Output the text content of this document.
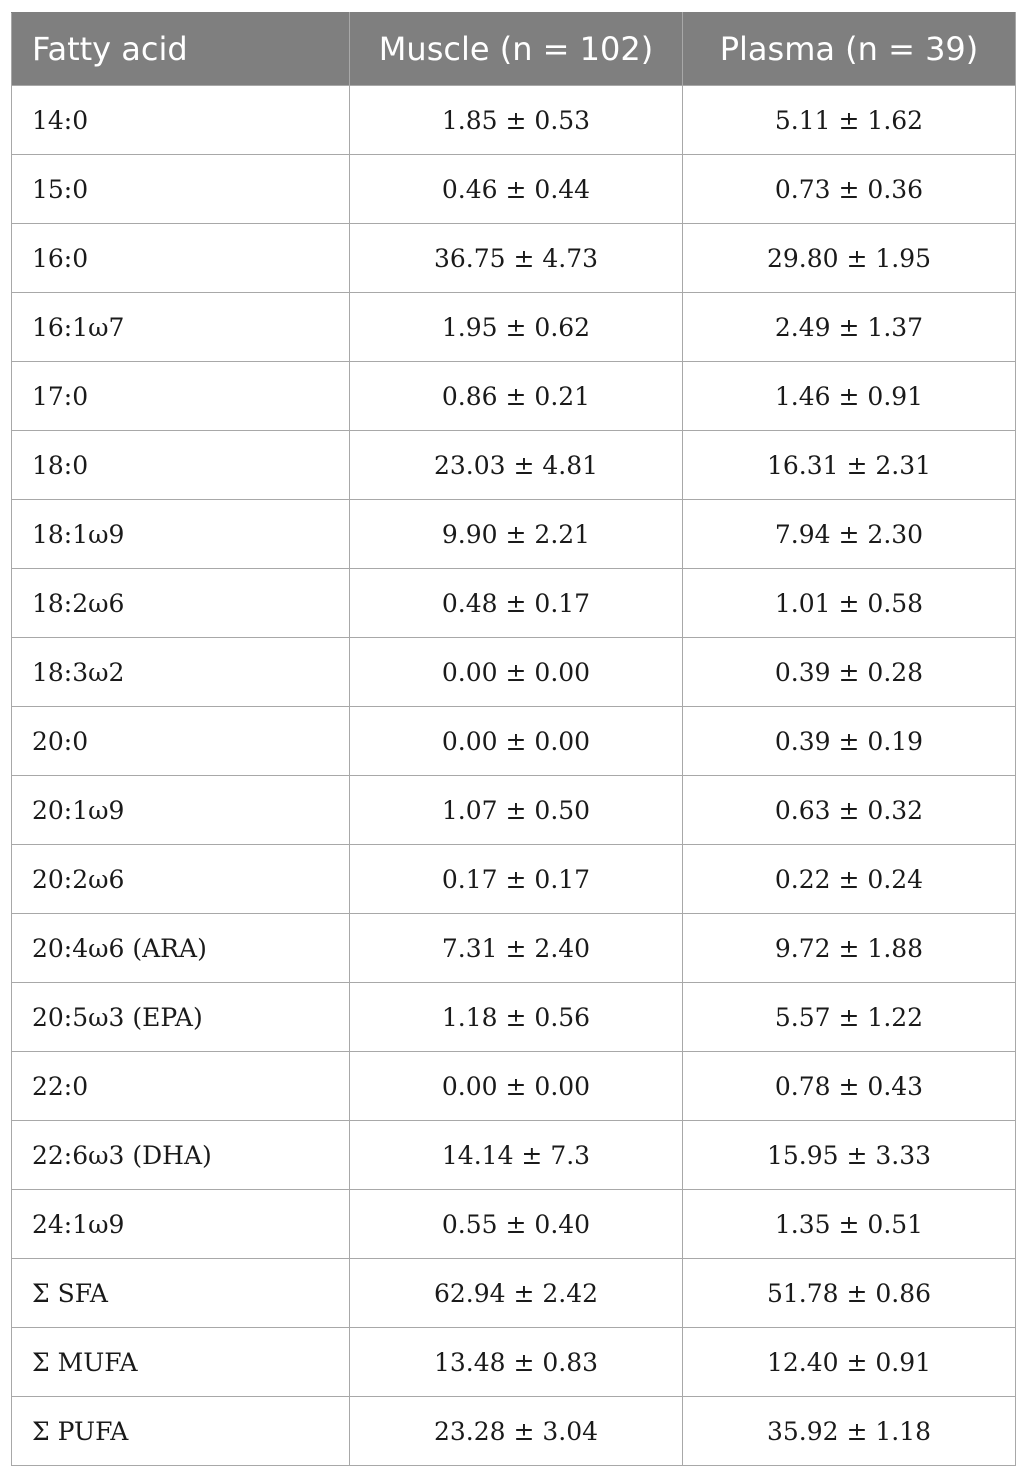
Fatty acid	Muscle (n = 102)	Plasma (n = 39)
14:0	1.85 ± 0.53	5.11 ± 1.62
15:0	0.46 ± 0.44	0.73 ± 0.36
16:0	36.75 ± 4.73	29.80 ± 1.95
16:1ω7	1.95 ± 0.62	2.49 ± 1.37
17:0	0.86 ± 0.21	1.46 ± 0.91
18:0	23.03 ± 4.81	16.31 ± 2.31
18:1ω9	9.90 ± 2.21	7.94 ± 2.30
18:2ω6	0.48 ± 0.17	1.01 ± 0.58
18:3ω2	0.00 ± 0.00	0.39 ± 0.28
20:0	0.00 ± 0.00	0.39 ± 0.19
20:1ω9	1.07 ± 0.50	0.63 ± 0.32
20:2ω6	0.17 ± 0.17	0.22 ± 0.24
20:4ω6 (ARA)	7.31 ± 2.40	9.72 ± 1.88
20:5ω3 (EPA)	1.18 ± 0.56	5.57 ± 1.22
22:0	0.00 ± 0.00	0.78 ± 0.43
22:6ω3 (DHA)	14.14 ± 7.3	15.95 ± 3.33
24:1ω9	0.55 ± 0.40	1.35 ± 0.51
Σ SFA	62.94 ± 2.42	51.78 ± 0.86
Σ MUFA	13.48 ± 0.83	12.40 ± 0.91
Σ PUFA	23.28 ± 3.04	35.92 ± 1.18
